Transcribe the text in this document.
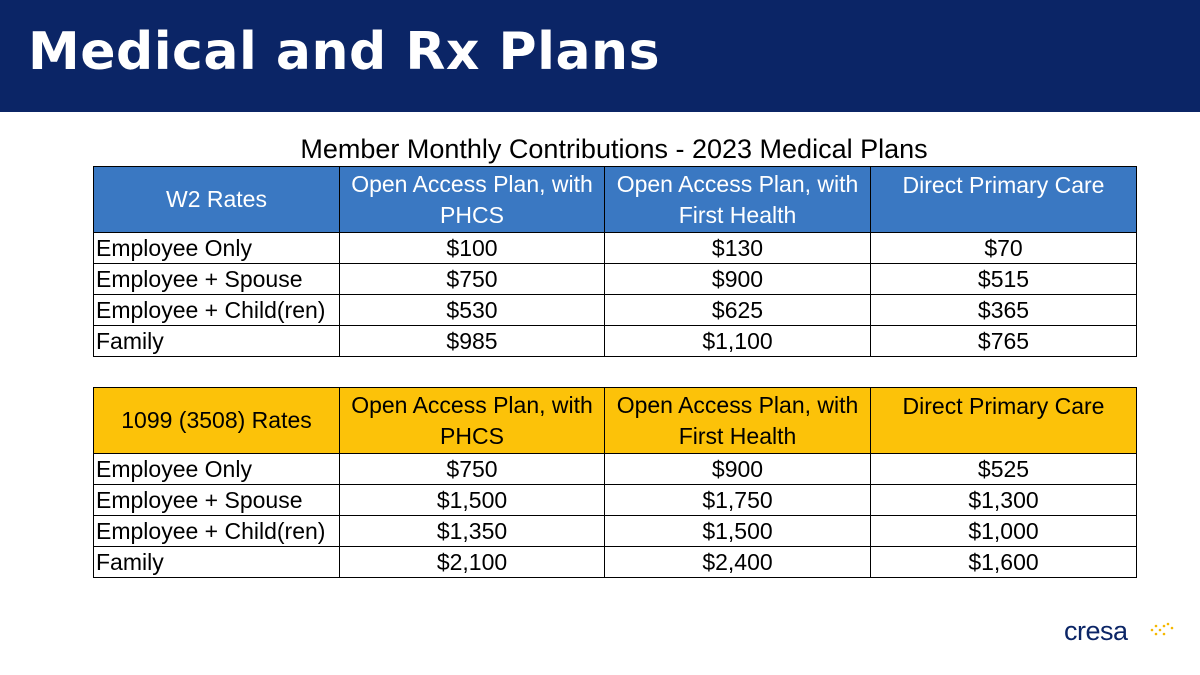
Medical and Rx Plans
Member Monthly Contributions - 2023 Medical Plans
W2 Rates	Open Access Plan, with PHCS	Open Access Plan, with First Health	Direct Primary Care
Employee Only	$100	$130	$70
Employee + Spouse	$750	$900	$515
Employee + Child(ren)	$530	$625	$365
Family	$985	$1,100	$765
1099 (3508) Rates	Open Access Plan, with PHCS	Open Access Plan, with First Health	Direct Primary Care
Employee Only	$750	$900	$525
Employee + Spouse	$1,500	$1,750	$1,300
Employee + Child(ren)	$1,350	$1,500	$1,000
Family	$2,100	$2,400	$1,600
cresa
